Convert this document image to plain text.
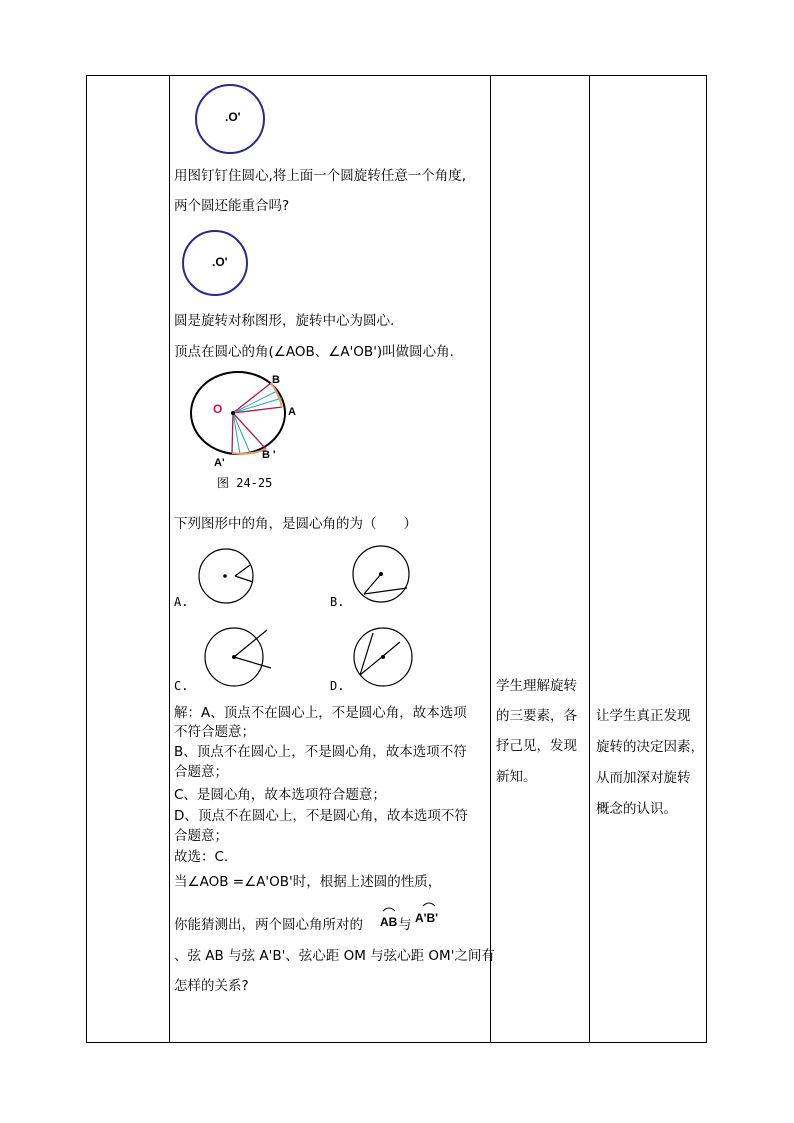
.O'
用图钉钉住圆心,将上面一个圆旋转任意一个角度,
两个圆还能重合吗?
.O'
圆是旋转对称图形，旋转中心为圆心.
顶点在圆心的角(∠AOB、∠A'OB')叫做圆心角.
O
B
A
A'
B '
图 24-25
下列图形中的角，是圆心角的为（　　）
A.	B.
C.	D.
解：A、顶点不在圆心上，不是圆心角，故本选项
不符合题意；
B、顶点不在圆心上，不是圆心角，故本选项不符
合题意；
C、是圆心角，故本选项符合题意；
D、顶点不在圆心上，不是圆心角，故本选项不符
合题意；
故选：C.
当∠AOB =∠A'OB'时，根据上述圆的性质，
你能猜测出，两个圆心角所对的 AB 与 A'B'
、弦 AB 与弦 A'B'、弦心距 OM 与弦心距 OM'之间有
怎样的关系?
学生理解旋转
的三要素，各
抒己见，发现
新知。
让学生真正发现
旋转的决定因素，
从而加深对旋转
概念的认识。
